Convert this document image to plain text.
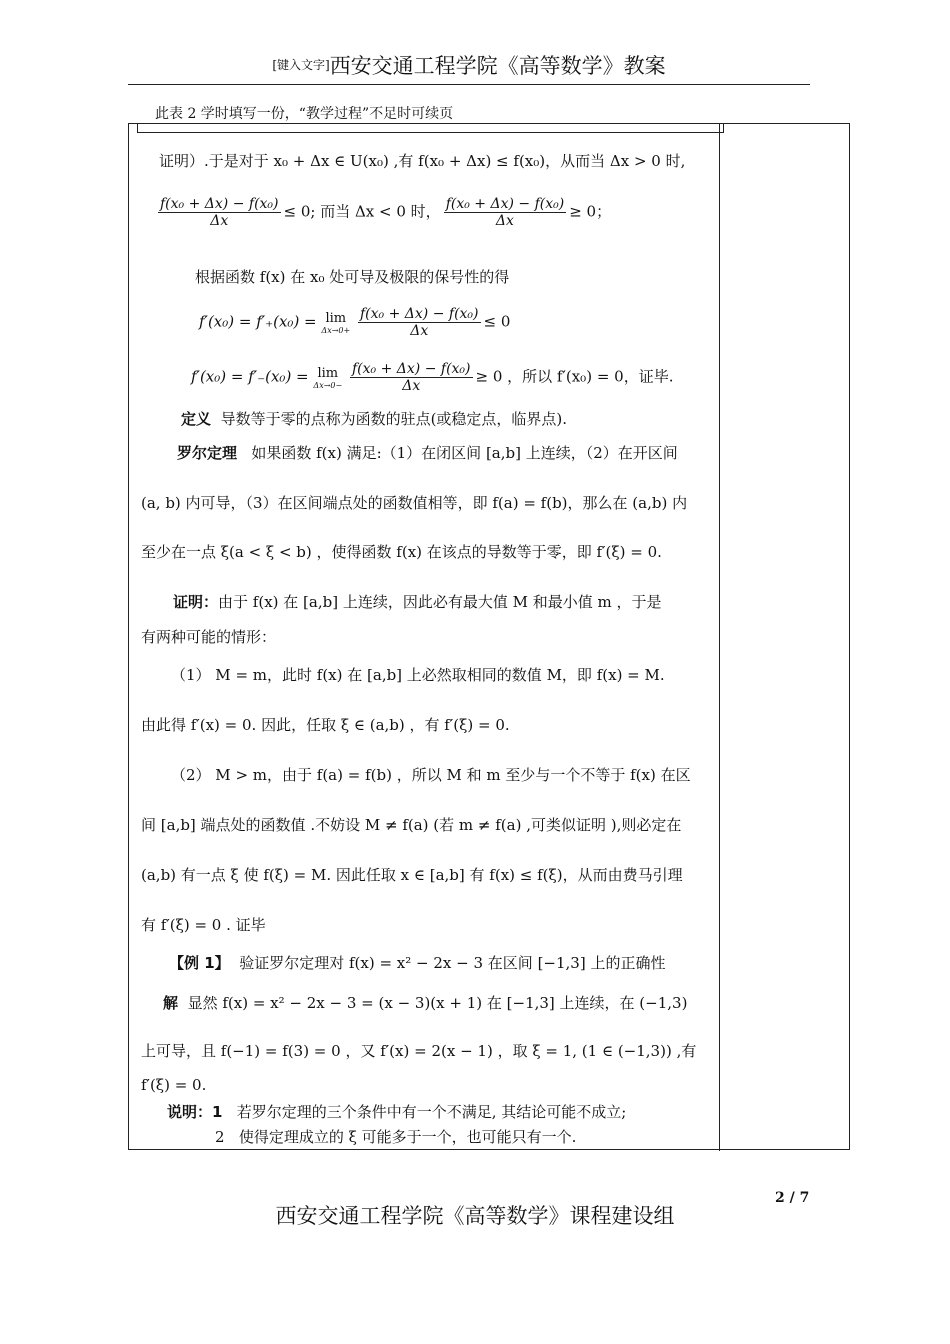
[键入文字]西安交通工程学院《高等数学》教案
此表 2 学时填写一份，“教学过程”不足时可续页
证明）.于是对于 x₀ + Δx ∈ U(x₀) ,有 f(x₀ + Δx) ≤ f(x₀)，从而当 Δx > 0 时,
$\frac{\text{f(x₀ + Δx) − f(x₀)}}{\Delta x} \le 0$; 而当 Δx < 0 时， $\frac{\text{f(x₀ + Δx) − f(x₀)}}{\Delta x} \ge 0$；
根据函数 f(x) 在 x₀ 处可导及极限的保号性的得
f′(x₀) = f′₊(x₀) = lim
Δx→0+
$\frac{\text{f(x₀ + Δx) − f(x₀)}}{\Delta x} \le 0$
f′(x₀) = f′₋(x₀) = lim
Δx→0−
$\frac{\text{f(x₀ + Δx) − f(x₀)}}{\Delta x} \ge 0$ ，所以 f′(x₀) = 0，证毕.
定义 导数等于零的点称为函数的驻点(或稳定点，临界点).
罗尔定理 如果函数 f(x) 满足:（1）在闭区间 [a,b] 上连续，（2）在开区间
(a, b) 内可导，（3）在区间端点处的函数值相等，即 f(a) = f(b)，那么在 (a,b) 内
至少在一点 ξ(a < ξ < b) ，使得函数 f(x) 在该点的导数等于零，即 f′(ξ) = 0.
证明：由于 f(x) 在 [a,b] 上连续，因此必有最大值 M 和最小值 m ，于是
有两种可能的情形：
（1） M = m，此时 f(x) 在 [a,b] 上必然取相同的数值 M，即 f(x) = M.
由此得 f′(x) = 0. 因此，任取 ξ ∈ (a,b) ，有 f′(ξ) = 0.
（2） M > m，由于 f(a) = f(b) ，所以 M 和 m 至少与一个不等于 f(x) 在区
间 [a,b] 端点处的函数值 .不妨设 M ≠ f(a) (若 m ≠ f(a) ,可类似证明 ),则必定在
(a,b) 有一点 ξ 使 f(ξ) = M. 因此任取 x ∈ [a,b] 有 f(x) ≤ f(ξ)，从而由费马引理
有 f′(ξ) = 0 . 证毕
【例 1】 验证罗尔定理对 f(x) = x² − 2x − 3 在区间 [−1,3] 上的正确性
解 显然 f(x) = x² − 2x − 3 = (x − 3)(x + 1) 在 [−1,3] 上连续，在 (−1,3)
上可导，且 f(−1) = f(3) = 0 ，又 f′(x) = 2(x − 1) ，取 ξ = 1, (1 ∈ (−1,3)) ,有
f′(ξ) = 0.
说明：1 若罗尔定理的三个条件中有一个不满足, 其结论可能不成立;
2 使得定理成立的 ξ 可能多于一个，也可能只有一个.
2 / 7
西安交通工程学院《高等数学》课程建设组
